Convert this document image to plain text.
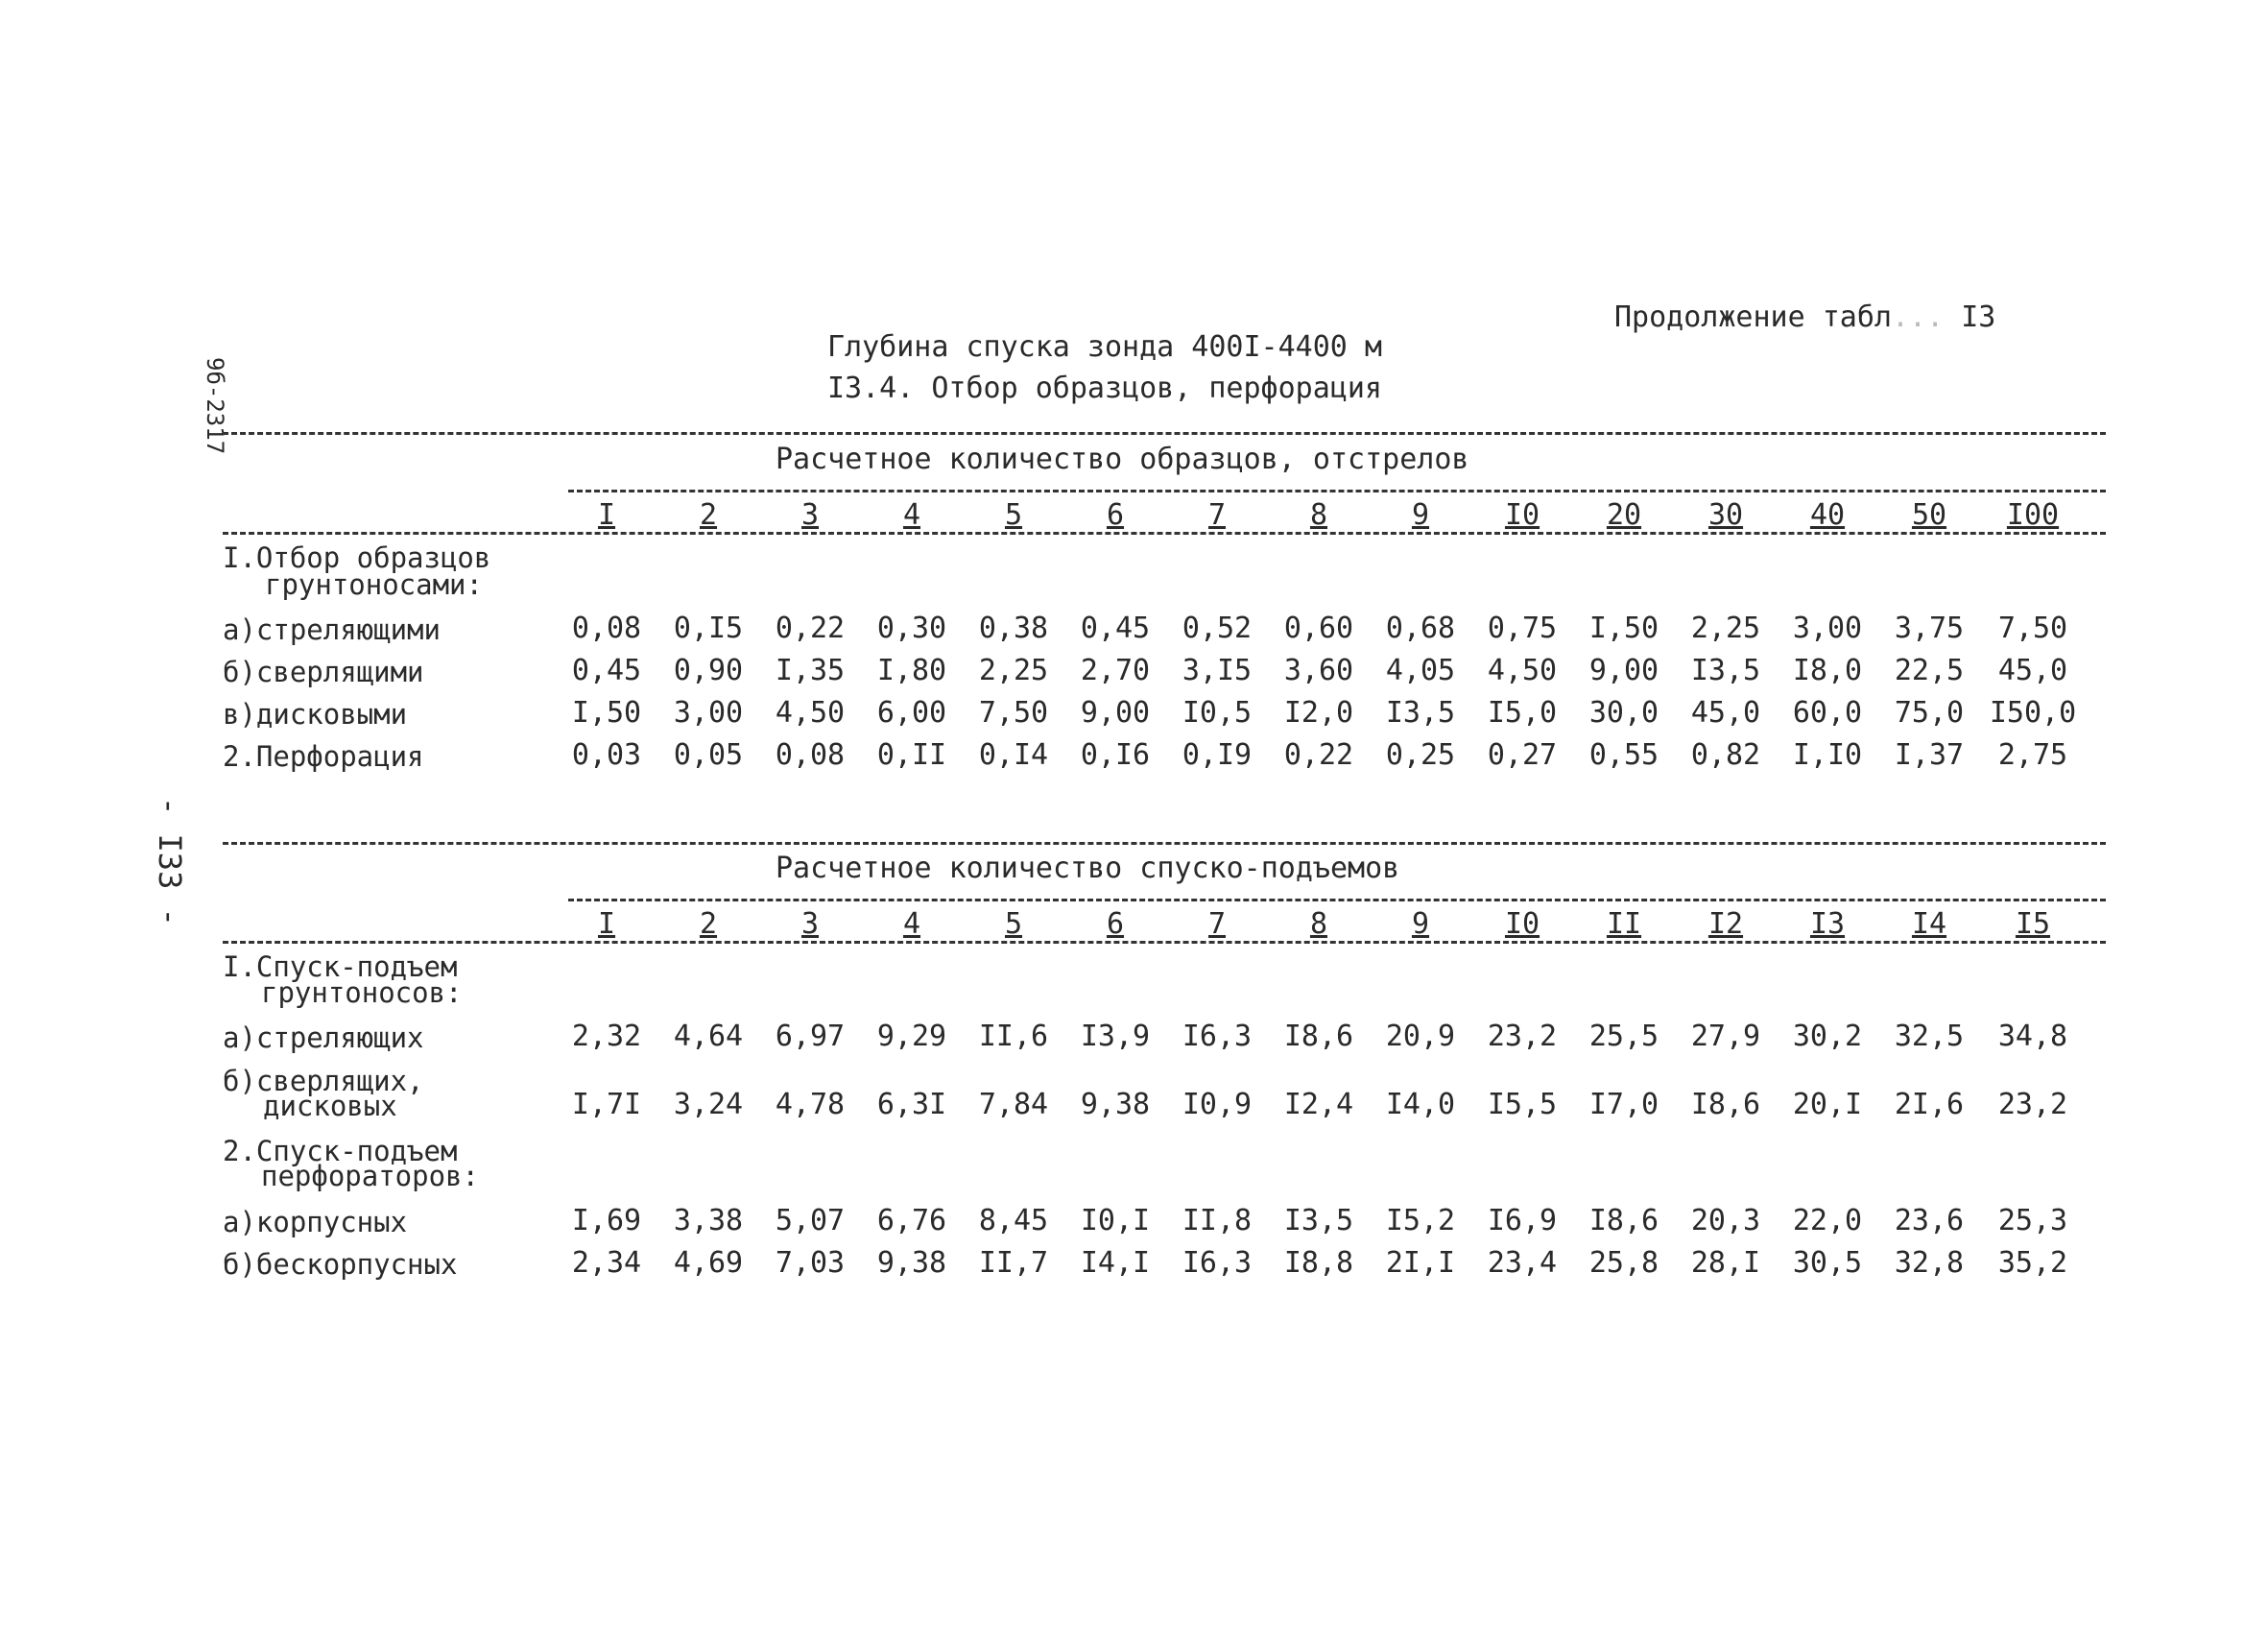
Продолжение табл... I3
Глубина спуска зонда 400I-4400 м
I3.4. Отбор образцов, перфорация
9б-2317
- I33 -
Расчетное количество образцов, отстрелов
I	2	3	4	5	6	7	8	9	I0	20	30	40	50	I00
I.Отбор образцов
грунтоносами:
а)стреляющими	0,08	0,I5	0,22	0,30	0,38	0,45	0,52	0,60	0,68	0,75	I,50	2,25	3,00	3,75	7,50
б)сверлящими	0,45	0,90	I,35	I,80	2,25	2,70	3,I5	3,60	4,05	4,50	9,00	I3,5	I8,0	22,5	45,0
в)дисковыми	I,50	3,00	4,50	6,00	7,50	9,00	I0,5	I2,0	I3,5	I5,0	30,0	45,0	60,0	75,0 I50,0
2.Перфорация	0,03	0,05	0,08	0,II	0,I4	0,I6	0,I9	0,22	0,25	0,27	0,55	0,82	I,I0	I,37	2,75
Расчетное количество спуско-подъемов
I	2	3	4	5	6	7	8	9	I0	II	I2	I3	I4	I5
I.Спуск-подъем
грунтоносов:
а)стреляющих	2,32	4,64	6,97	9,29	II,6	I3,9	I6,3	I8,6	20,9	23,2	25,5	27,9	30,2	32,5	34,8
б)сверлящих,
дисковых	I,7I	3,24	4,78	6,3I	7,84	9,38	I0,9	I2,4	I4,0	I5,5	I7,0	I8,6	20,I	2I,6	23,2
2.Спуск-подъем
перфораторов:
а)корпусных	I,69	3,38	5,07	6,76	8,45	I0,I	II,8	I3,5	I5,2	I6,9	I8,6	20,3	22,0	23,6	25,3
б)бескорпусных	2,34	4,69	7,03	9,38	II,7	I4,I	I6,3	I8,8	2I,I	23,4	25,8	28,I	30,5	32,8	35,2
